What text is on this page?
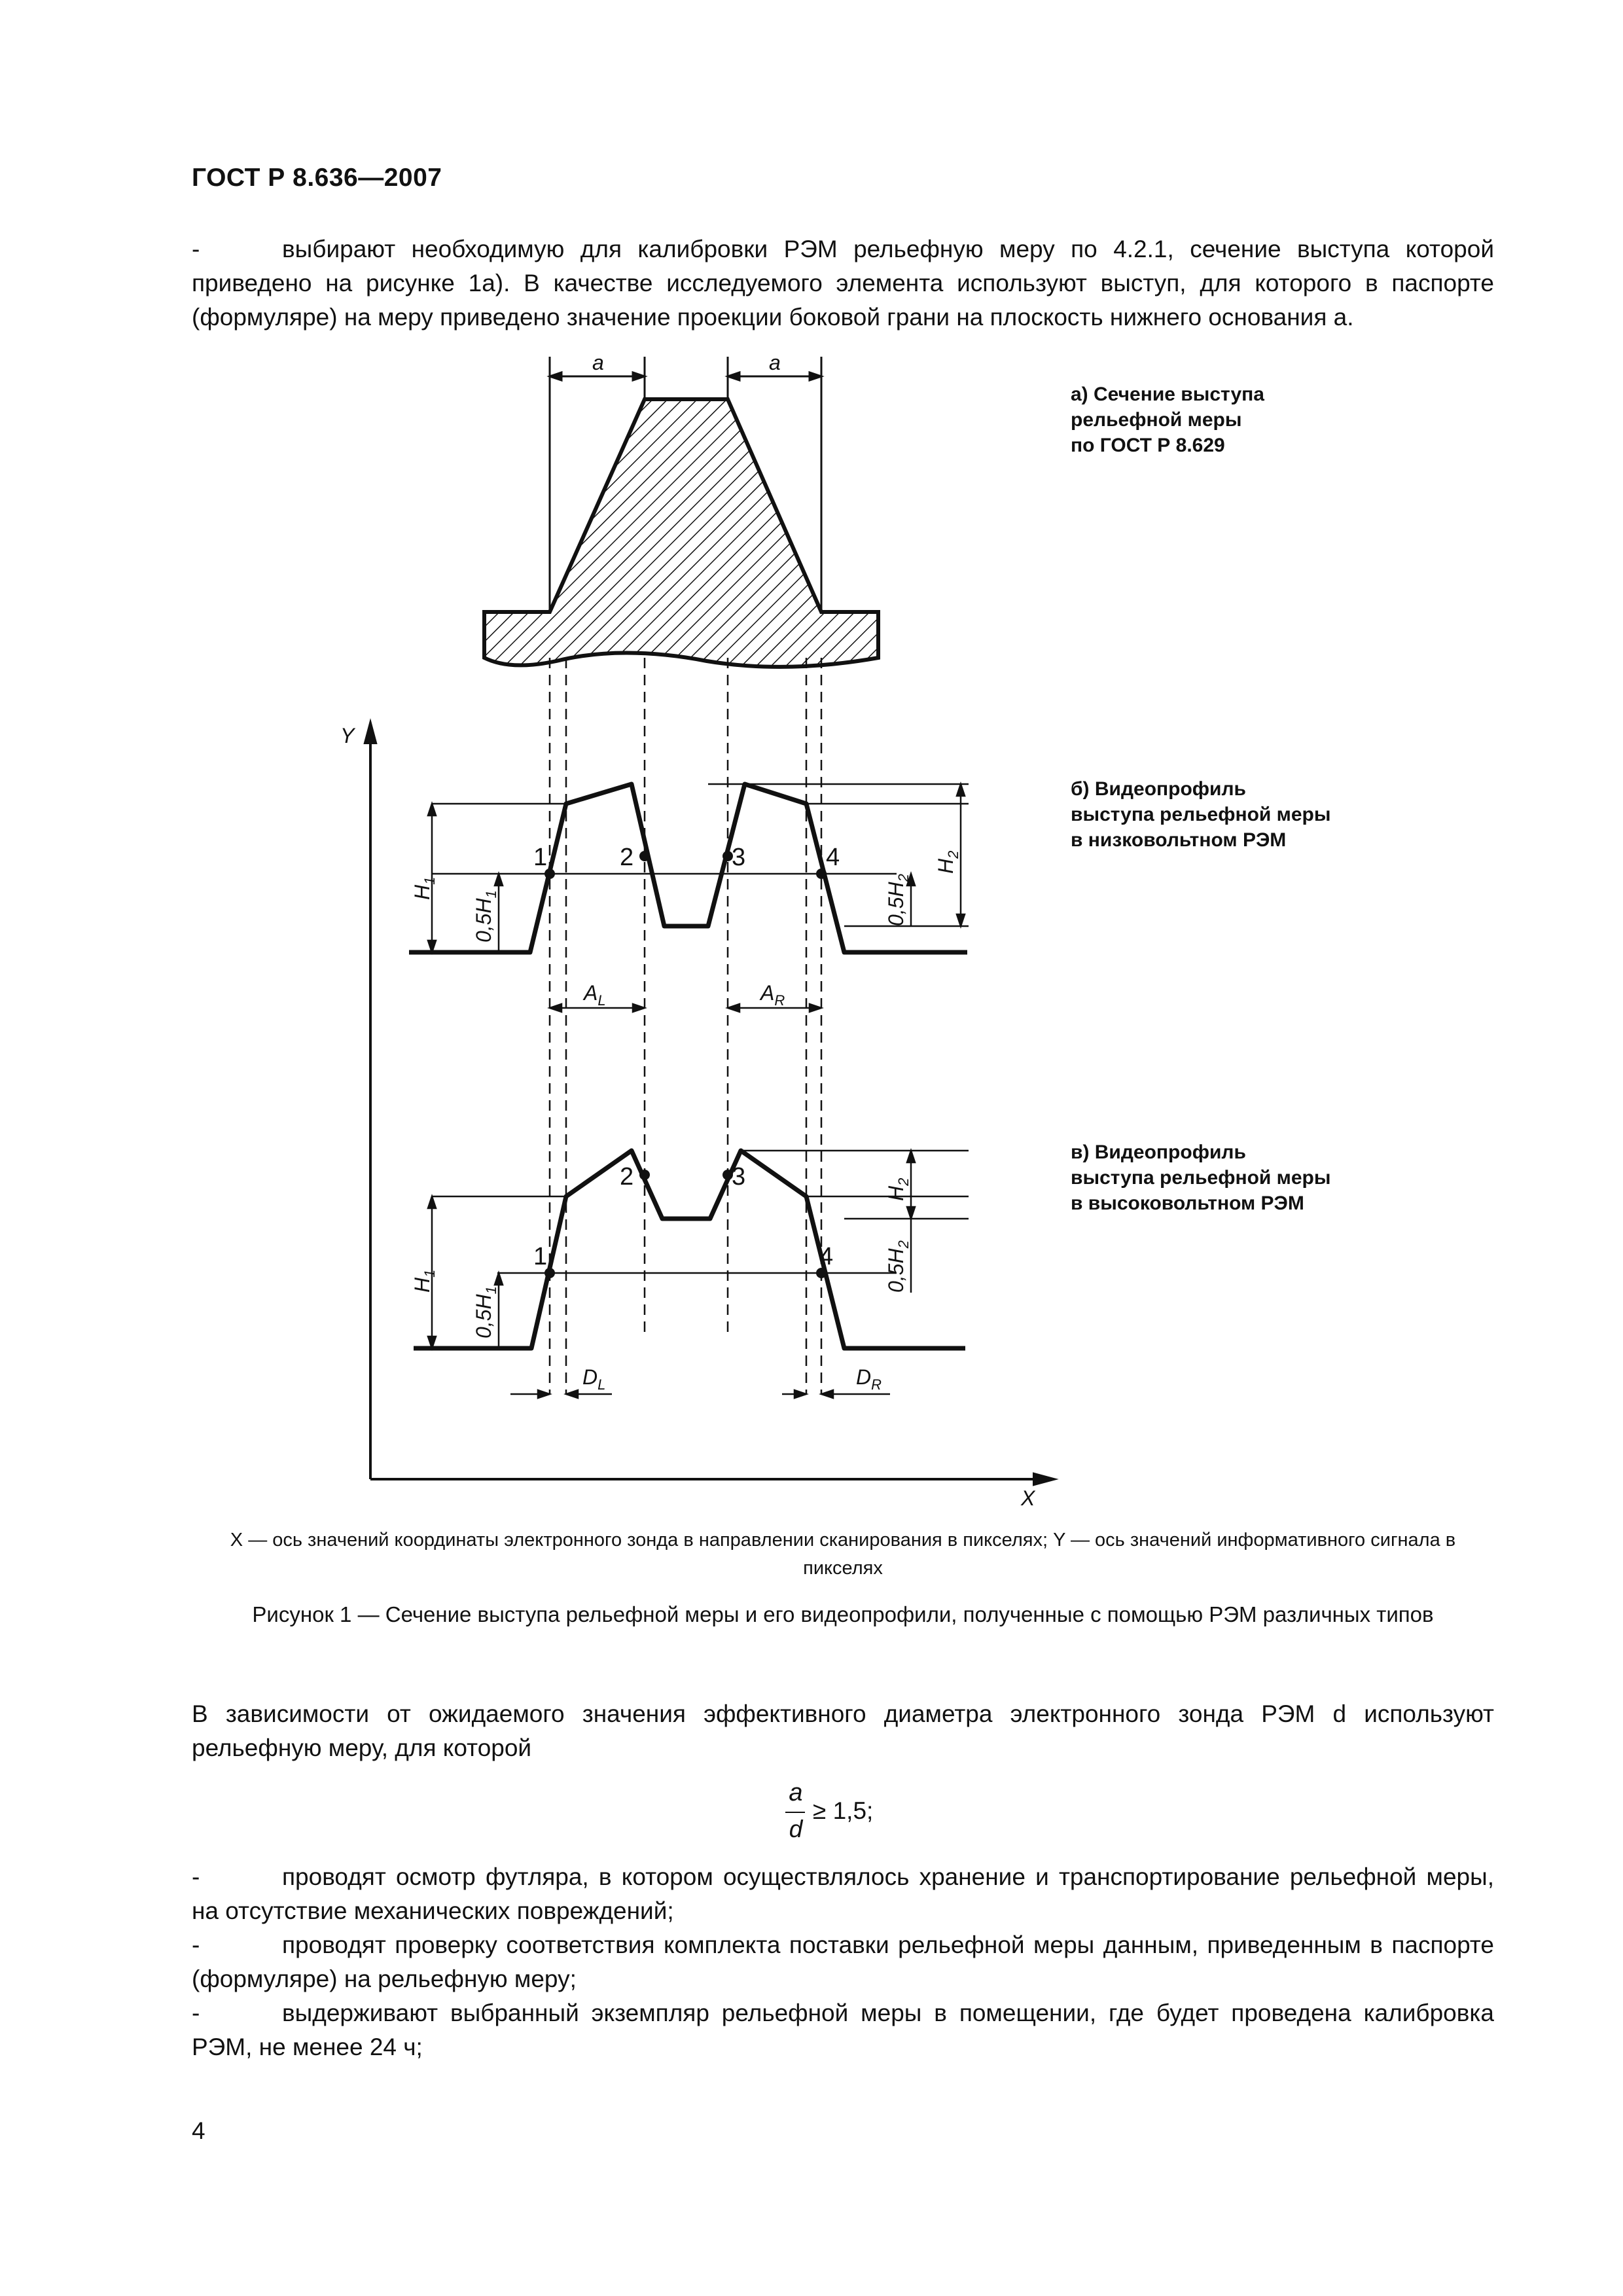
ГОСТ Р 8.636—2007
-	выбирают необходимую для калибровки РЭМ рельефную меру по 4.2.1, сечение выступа которой приведено на рисунке 1а). В качестве исследуемого элемента используют выступ, для которого в паспорте (формуляре) на меру приведено значение проекции боковой грани на плоскость нижнего основания а.
a	a
Y
X
1	2	3	4
$H_1$
$0,5H_1$	$0,5H_2$
$H_2$
$A_L$	$A_R$
1
2	3
4
$H_1$
$0,5H_1$	$0,5H_2$
$H_2$
$D_L$	$D_R$
а) Сечение выступа рельефной меры по ГОСТ Р 8.629
б) Видеопрофиль выступа рельефной меры в низковольтном РЭМ
в) Видеопрофиль выступа рельефной меры в высоковольтном РЭМ
X — ось значений координаты электронного зонда в направлении сканирования в пикселях; Y — ось значений информативного сигнала в пикселях
Рисунок 1 — Сечение выступа рельефной меры и его видеопрофили, полученные с помощью РЭМ различных типов
В зависимости от ожидаемого значения эффективного диаметра электронного зонда РЭМ d используют рельефную меру, для которой
a
d
≥ 1,5;
-	проводят осмотр футляра, в котором осуществлялось хранение и транспортирование рельефной меры, на отсутствие механических повреждений;
-	проводят проверку соответствия комплекта поставки рельефной меры данным, приведенным в паспорте (формуляре) на рельефную меру;
-	выдерживают выбранный экземпляр рельефной меры в помещении, где будет проведена калибровка РЭМ, не менее 24 ч;
4
